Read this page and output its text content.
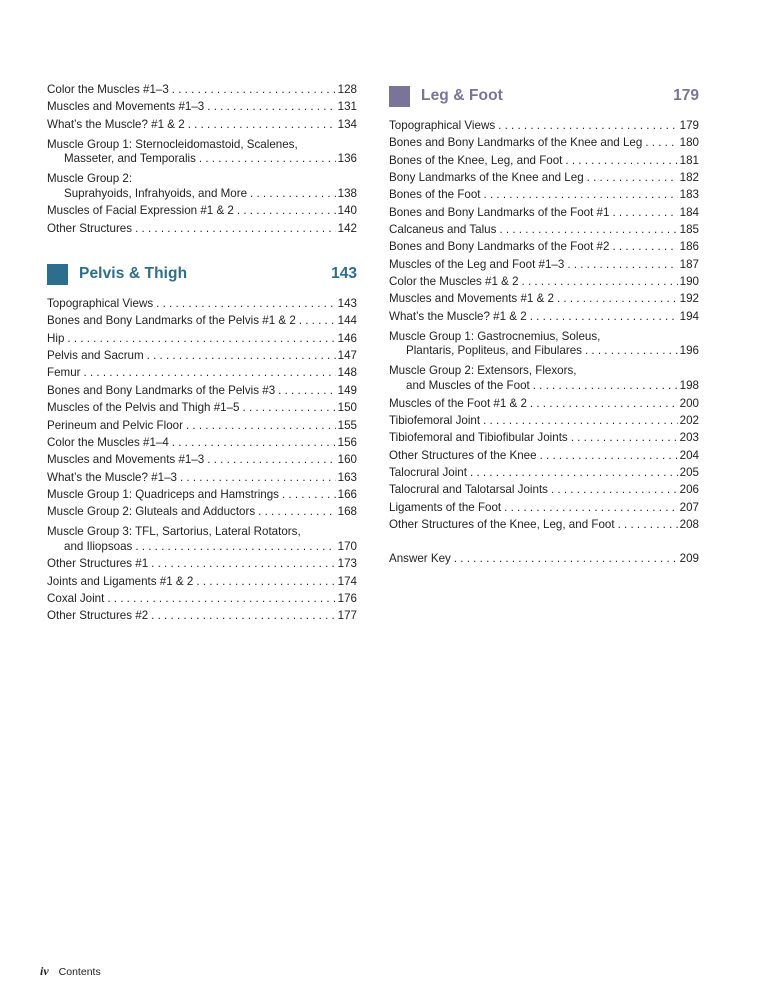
Color the Muscles #1–3 . . .	128
Muscles and Movements #1–3 . . .	131
What’s the Muscle? #1 & 2 . . .	134
Muscle Group 1: Sternocleidomastoid, Scalenes,
Masseter, and Temporalis . . .	136
Muscle Group 2:
Suprahyoids, Infrahyoids, and More . . .	138
Muscles of Facial Expression #1 & 2 . . .	140
Other Structures . . .	142
Pelvis & Thigh	143
Topographical Views . . .	143
Bones and Bony Landmarks of the Pelvis #1 & 2 . . .	144
Hip . . .	146
Pelvis and Sacrum . . .	147
Femur . . .	148
Bones and Bony Landmarks of the Pelvis #3 . . .	149
Muscles of the Pelvis and Thigh #1–5 . . .	150
Perineum and Pelvic Floor . . .	155
Color the Muscles #1–4 . . .	156
Muscles and Movements #1–3 . . .	160
What’s the Muscle? #1–3 . . .	163
Muscle Group 1: Quadriceps and Hamstrings . . .	166
Muscle Group 2: Gluteals and Adductors . . .	168
Muscle Group 3: TFL, Sartorius, Lateral Rotators,
and Iliopsoas . . .	170
Other Structures #1 . . .	173
Joints and Ligaments #1 & 2 . . .	174
Coxal Joint . . .	176
Other Structures #2 . . .	177
Leg & Foot	179
Topographical Views . . .	179
Bones and Bony Landmarks of the Knee and Leg . . .	180
Bones of the Knee, Leg, and Foot . . .	181
Bony Landmarks of the Knee and Leg . . .	182
Bones of the Foot . . .	183
Bones and Bony Landmarks of the Foot #1 . . .	184
Calcaneus and Talus . . .	185
Bones and Bony Landmarks of the Foot #2 . . .	186
Muscles of the Leg and Foot #1–3 . . .	187
Color the Muscles #1 & 2 . . .	190
Muscles and Movements #1 & 2 . . .	192
What’s the Muscle? #1 & 2 . . .	194
Muscle Group 1: Gastrocnemius, Soleus,
Plantaris, Popliteus, and Fibulares . . .	196
Muscle Group 2: Extensors, Flexors,
and Muscles of the Foot . . .	198
Muscles of the Foot #1 & 2 . . .	200
Tibiofemoral Joint . . .	202
Tibiofemoral and Tibiofibular Joints . . .	203
Other Structures of the Knee . . .	204
Talocrural Joint . . .	205
Talocrural and Talotarsal Joints . . .	206
Ligaments of the Foot . . .	207
Other Structures of the Knee, Leg, and Foot . . .	208
Answer Key . . .	209
iv Contents
